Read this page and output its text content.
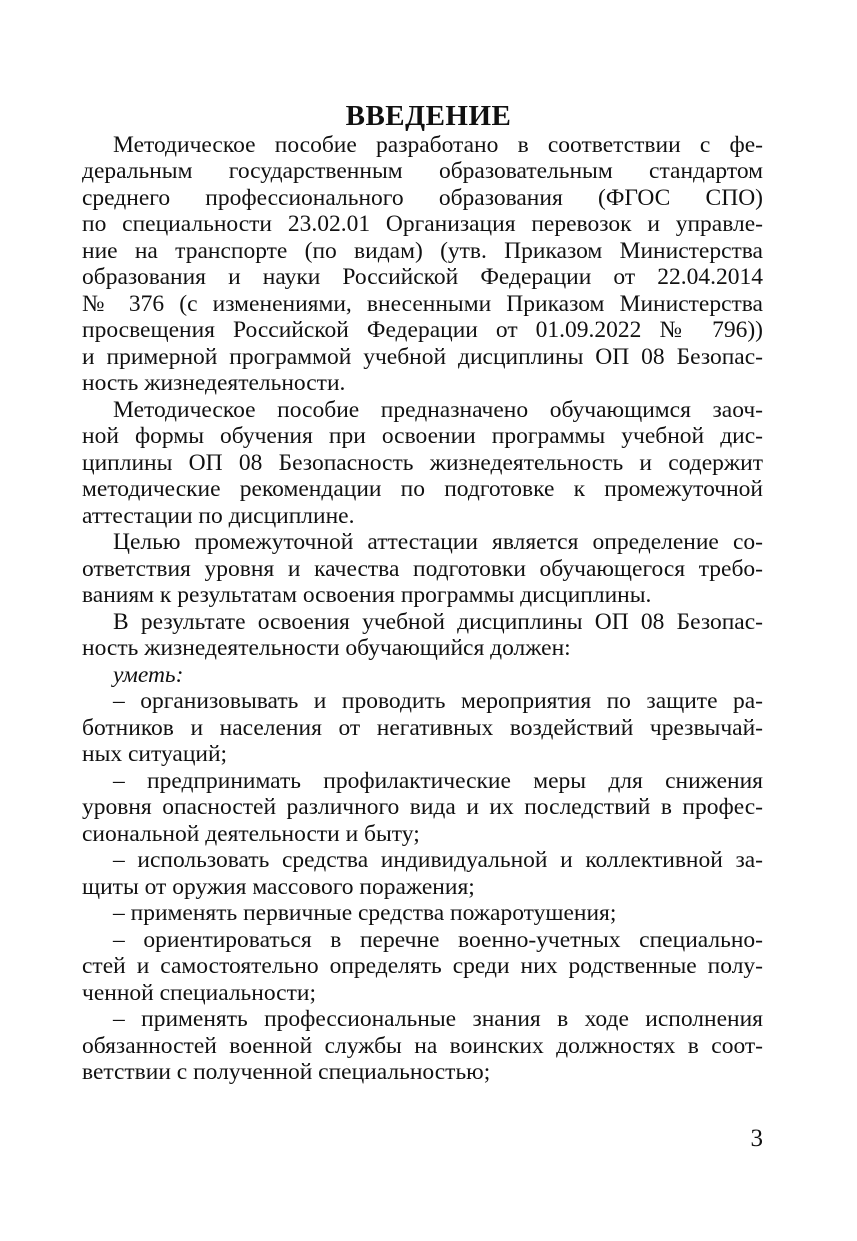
ВВЕДЕНИЕ
Методическое пособие разработано в соответствии с фе-
деральным государственным образовательным стандартом
среднего профессионального образования (ФГОС СПО)
по специальности 23.02.01 Организация перевозок и управле-
ние на транспорте (по видам) (утв. Приказом Министерства
образования и науки Российской Федерации от 22.04.2014
№ 376 (с изменениями, внесенными Приказом Министерства
просвещения Российской Федерации от 01.09.2022 № 796))
и примерной программой учебной дисциплины ОП 08 Безопас-
ность жизнедеятельности.
Методическое пособие предназначено обучающимся заоч-
ной формы обучения при освоении программы учебной дис-
циплины ОП 08 Безопасность жизнедеятельность и содержит
методические рекомендации по подготовке к промежуточной
аттестации по дисциплине.
Целью промежуточной аттестации является определение со-
ответствия уровня и качества подготовки обучающегося требо-
ваниям к результатам освоения программы дисциплины.
В результате освоения учебной дисциплины ОП 08 Безопас-
ность жизнедеятельности обучающийся должен:
уметь:
– организовывать и проводить мероприятия по защите ра-
ботников и населения от негативных воздействий чрезвычай-
ных ситуаций;
– предпринимать профилактические меры для снижения
уровня опасностей различного вида и их последствий в профес-
сиональной деятельности и быту;
– использовать средства индивидуальной и коллективной за-
щиты от оружия массового поражения;
– применять первичные средства пожаротушения;
– ориентироваться в перечне военно-учетных специально-
стей и самостоятельно определять среди них родственные полу-
ченной специальности;
– применять профессиональные знания в ходе исполнения
обязанностей военной службы на воинских должностях в соот-
ветствии с полученной специальностью;
3
